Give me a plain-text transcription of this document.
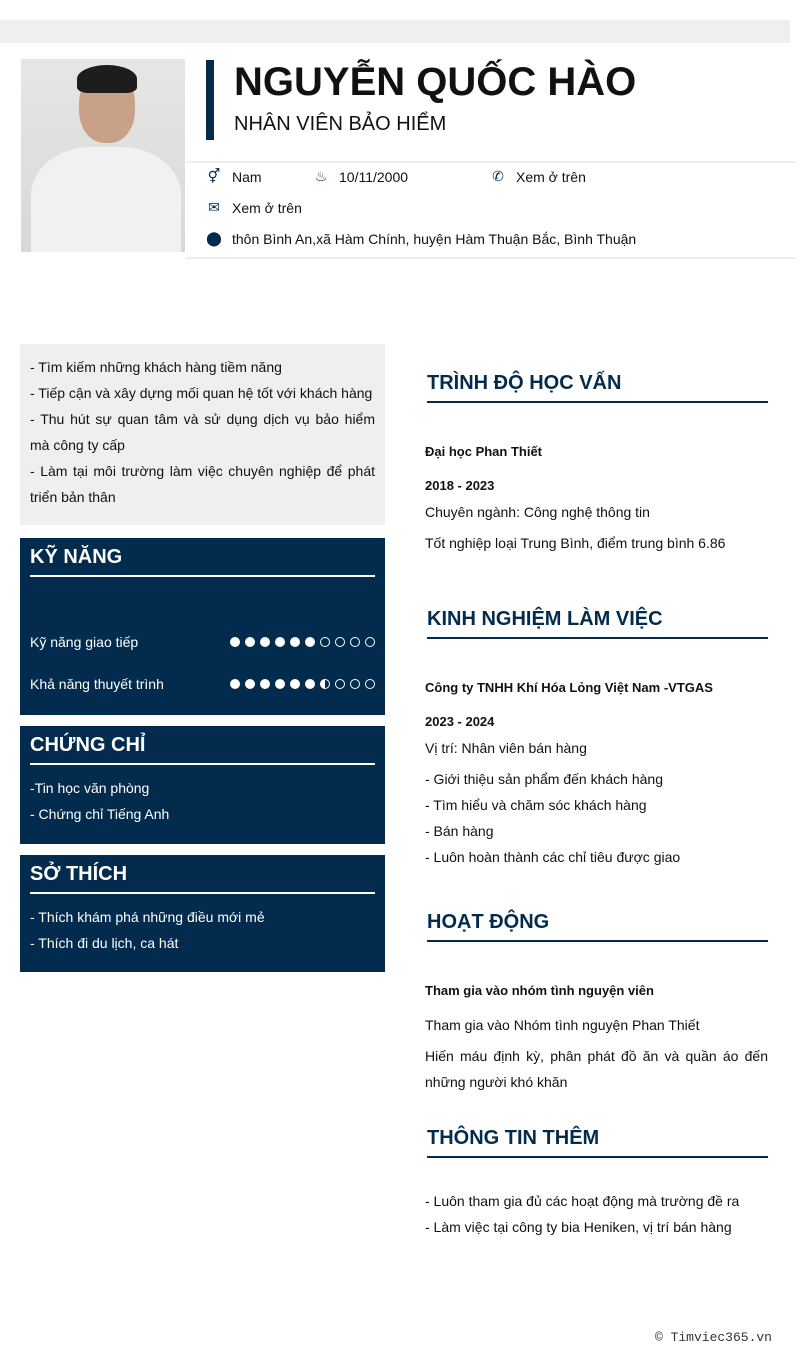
NGUYỄN QUỐC HÀO
NHÂN VIÊN BẢO HIỂM
⚥ Nam	♨ 10/11/2000	✆ Xem ở trên
✉ Xem ở trên
⬤ thôn Bình An,xã Hàm Chính, huyện Hàm Thuận Bắc, Bình Thuận
- Tìm kiếm những khách hàng tiềm năng
- Tiếp cận và xây dựng mối quan hệ tốt với khách hàng
- Thu hút sự quan tâm và sử dụng dịch vụ bảo hiểm mà công ty cấp
- Làm tại môi trường làm việc chuyên nghiệp để phát triển bản thân
KỸ NĂNG
Kỹ năng giao tiếp
Khả năng thuyết trình
CHỨNG CHỈ
-Tin học văn phòng
- Chứng chỉ Tiếng Anh
SỞ THÍCH
- Thích khám phá những điều mới mẻ
- Thích đi du lịch, ca hát
TRÌNH ĐỘ HỌC VẤN

Đại học Phan Thiết

2018 - 2023

Chuyên ngành: Công nghệ thông tin

Tốt nghiệp loại Trung Bình, điểm trung bình 6.86

KINH NGHIỆM LÀM VIỆC

Công ty TNHH Khí Hóa Lỏng Việt Nam -VTGAS

2023 - 2024

Vị trí: Nhân viên bán hàng

- Giới thiệu sản phẩm đến khách hàng

- Tìm hiểu và chăm sóc khách hàng

- Bán hàng

- Luôn hoàn thành các chỉ tiêu được giao

HOẠT ĐỘNG

Tham gia vào nhóm tình nguyện viên

Tham gia vào Nhóm tình nguyện Phan Thiết

Hiến máu định kỳ, phân phát đồ ăn và quần áo đến những người khó khăn

THÔNG TIN THÊM

- Luôn tham gia đủ các hoạt động mà trường đề ra

- Làm việc tại công ty bia Heniken, vị trí bán hàng

© Timviec365.vn
